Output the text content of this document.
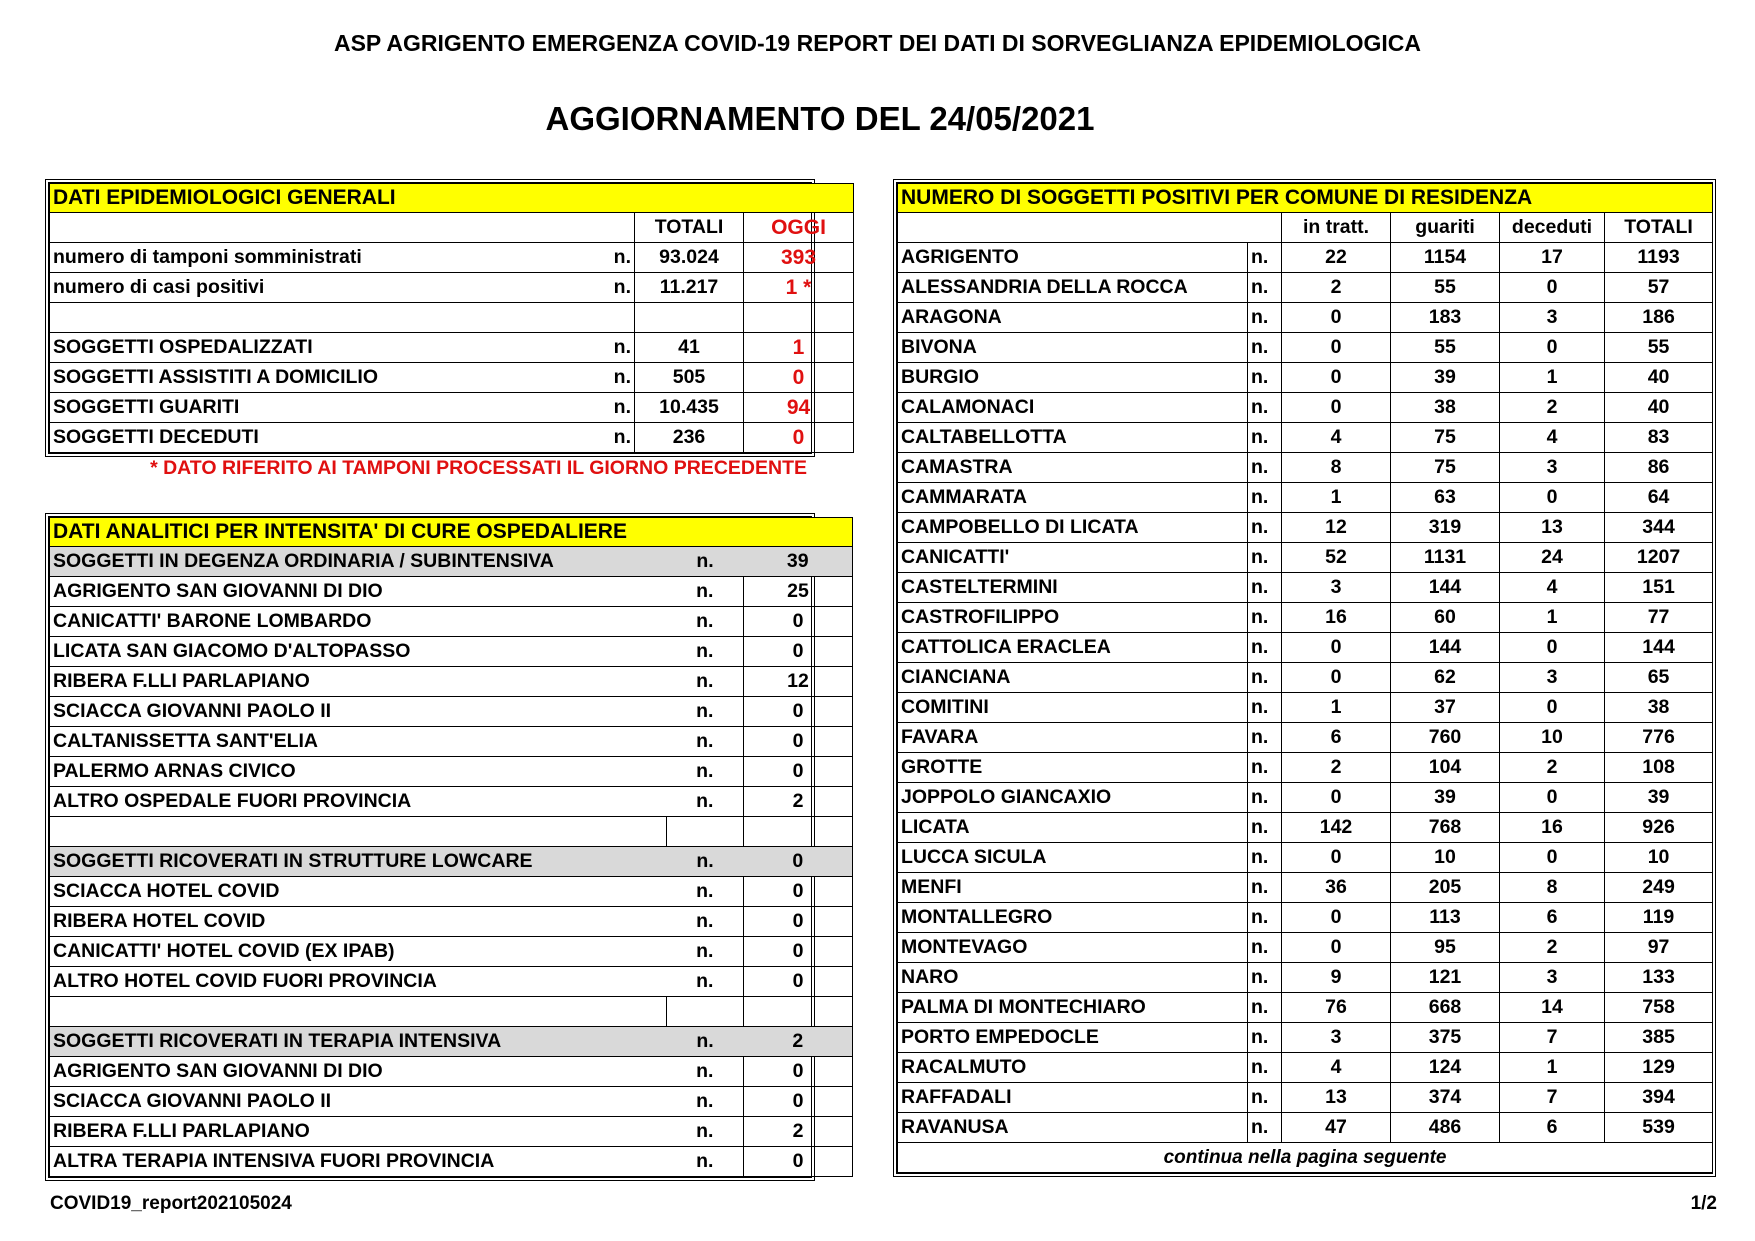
ASP AGRIGENTO EMERGENZA COVID-19 REPORT DEI DATI DI SORVEGLIANZA EPIDEMIOLOGICA
AGGIORNAMENTO DEL 24/05/2021
DATI EPIDEMIOLOGICI GENERALI			
		TOTALI	OGGI
numero di tamponi somministrati	n.	93.024	393
numero di casi positivi	n.	11.217	1 *

SOGGETTI OSPEDALIZZATI	n.	41	1
SOGGETTI ASSISTITI A DOMICILIO	n.	505	0
SOGGETTI GUARITI	n.	10.435	94
SOGGETTI DECEDUTI	n.	236	0
* DATO RIFERITO AI TAMPONI PROCESSATI IL GIORNO PRECEDENTE
DATI ANALITICI PER INTENSITA' DI CURE OSPEDALIERE		
SOGGETTI IN DEGENZA ORDINARIA / SUBINTENSIVA	n.	39
AGRIGENTO SAN GIOVANNI DI DIO	n.	25
CANICATTI' BARONE LOMBARDO	n.	0
LICATA SAN GIACOMO D'ALTOPASSO	n.	0
RIBERA F.LLI PARLAPIANO	n.	12
SCIACCA GIOVANNI PAOLO II	n.	0
CALTANISSETTA SANT'ELIA	n.	0
PALERMO ARNAS CIVICO	n.	0
ALTRO OSPEDALE FUORI PROVINCIA	n.	2

SOGGETTI RICOVERATI IN STRUTTURE LOWCARE	n.	0
SCIACCA HOTEL COVID	n.	0
RIBERA HOTEL COVID	n.	0
CANICATTI' HOTEL COVID (EX IPAB)	n.	0
ALTRO HOTEL COVID FUORI PROVINCIA	n.	0

SOGGETTI RICOVERATI IN TERAPIA INTENSIVA	n.	2
AGRIGENTO SAN GIOVANNI DI DIO	n.	0
SCIACCA GIOVANNI PAOLO II	n.	0
RIBERA F.LLI PARLAPIANO	n.	2
ALTRA TERAPIA INTENSIVA FUORI PROVINCIA	n.	0
NUMERO DI SOGGETTI POSITIVI PER COMUNE DI RESIDENZA					
		in tratt.	guariti	deceduti	TOTALI
AGRIGENTO	n.	22	1154	17	1193
ALESSANDRIA DELLA ROCCA	n.	2	55	0	57
ARAGONA	n.	0	183	3	186
BIVONA	n.	0	55	0	55
BURGIO	n.	0	39	1	40
CALAMONACI	n.	0	38	2	40
CALTABELLOTTA	n.	4	75	4	83
CAMASTRA	n.	8	75	3	86
CAMMARATA	n.	1	63	0	64
CAMPOBELLO DI LICATA	n.	12	319	13	344
CANICATTI'	n.	52	1131	24	1207
CASTELTERMINI	n.	3	144	4	151
CASTROFILIPPO	n.	16	60	1	77
CATTOLICA ERACLEA	n.	0	144	0	144
CIANCIANA	n.	0	62	3	65
COMITINI	n.	1	37	0	38
FAVARA	n.	6	760	10	776
GROTTE	n.	2	104	2	108
JOPPOLO GIANCAXIO	n.	0	39	0	39
LICATA	n.	142	768	16	926
LUCCA SICULA	n.	0	10	0	10
MENFI	n.	36	205	8	249
MONTALLEGRO	n.	0	113	6	119
MONTEVAGO	n.	0	95	2	97
NARO	n.	9	121	3	133
PALMA DI MONTECHIARO	n.	76	668	14	758
PORTO EMPEDOCLE	n.	3	375	7	385
RACALMUTO	n.	4	124	1	129
RAFFADALI	n.	13	374	7	394
RAVANUSA	n.	47	486	6	539
continua nella pagina seguente					
COVID19_report202105024	1/2
